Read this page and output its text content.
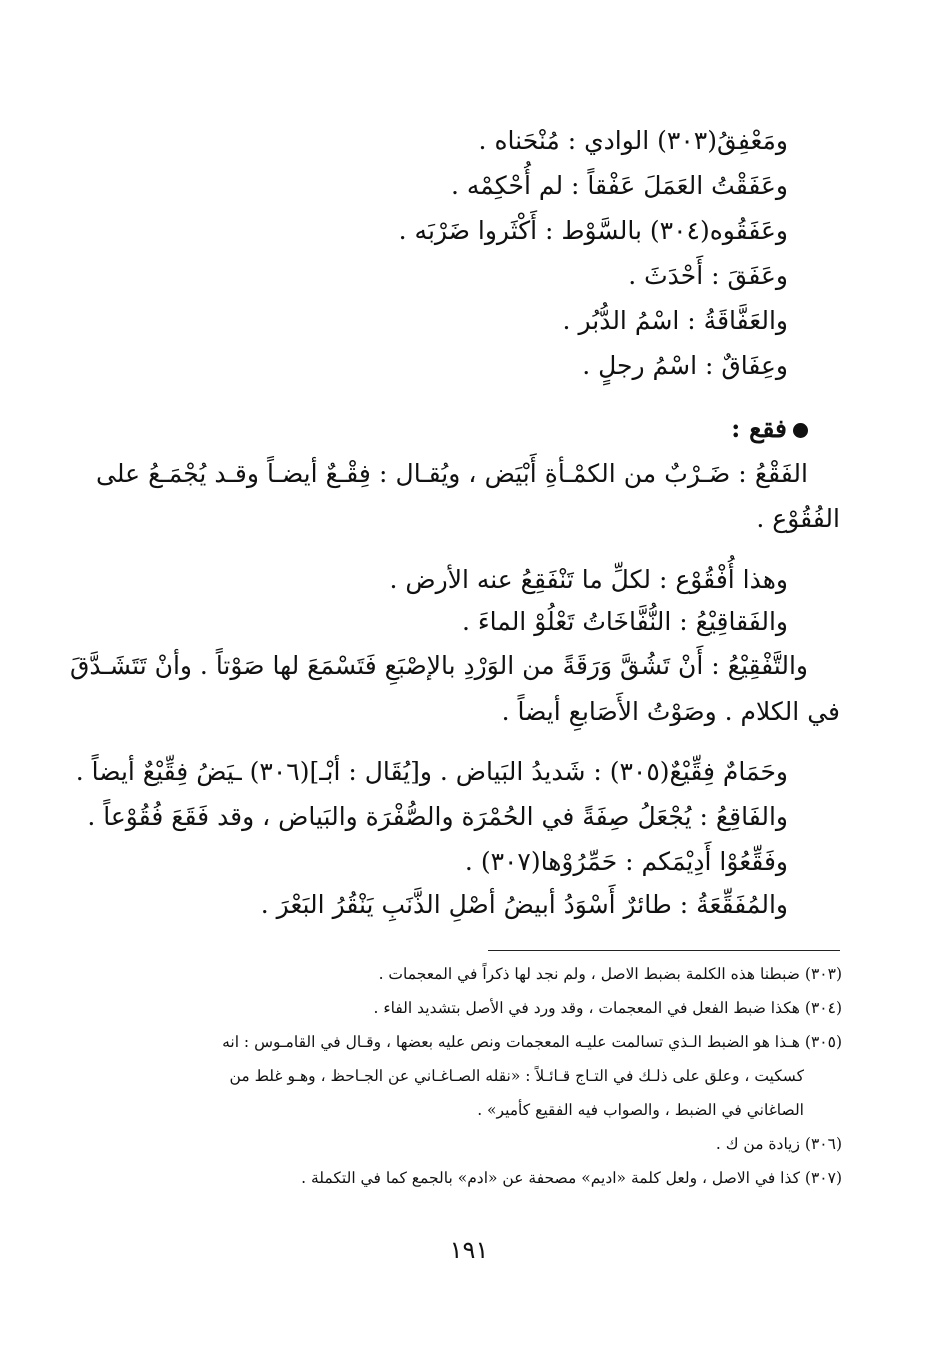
ومَعْفِقُ(٣٠٣) الوادي : مُنْحَناه .
وعَفَقْتُ العَمَلَ عَفْقاً : لم أُحْكِمْه .
وعَفَقُوه(٣٠٤) بالسَّوْط : أَكْثَروا ضَرْبَه .
وعَفَقَ : أَحْدَثَ .
والعَفَّاقَةُ : اسْمُ الدُّبُر .
وعِفَاقٌ : اسْمُ رجلٍ .
فقع :
الفَقْعُ : ضَـرْبٌ من الكمْـأةِ أَبْيَض ، ويُقـال : فِقْـعٌ أيضـاً وقـد يُجْمَـعُ على
الفُقُوْع .
وهذا أُفْقُوْع : لكلِّ ما تَنْفَقِعُ عنه الأرض .
والفَقاقِيْعُ : النُّفَّاخَاتُ تَعْلُوْ الماءَ .
والتَّفْقِيْعُ : أَنْ تَشُقَّ وَرَقَةً من الوَرْدِ بالإصْبَعِ فَتَسْمَعَ لها صَوْتاً . وأنْ تَتَشَـدَّقَ
في الكلام . وصَوْتُ الأَصَابعِ أيضاً .
وحَمَامٌ فِقِّيْعٌ(٣٠٥) : شَديدُ البَياض . و[يُقَال : أبْـ](٣٠٦) ـيَضُ فِقِّيْعٌ أيضاً .
والفَاقِعُ : يُجْعَلُ صِفَةً في الحُمْرَة والصُّفْرَة والبَياض ، وقد فَقَعَ فُقُوْعاً .
وفَقِّعُوْا أَدِيْمَكم : حَمِّرُوْها(٣٠٧) .
والمُفَقِّعَةُ : طائرٌ أَسْوَدُ أبيضُ أصْلِ الذَّنَبِ يَنْقُرُ البَعْرَ .
(٣٠٣) ضبطنا هذه الكلمة بضبط الاصل ، ولم نجد لها ذكراً في المعجمات .
(٣٠٤) هكذا ضبط الفعل في المعجمات ، وقد ورد في الأصل بتشديد الفاء .
(٣٠٥) هـذا هو الضبط الـذي تسالمت عليـه المعجمات ونص عليه بعضها ، وقـال في القامـوس : انه
كسكيت ، وعلق على ذلـك في التـاج قـائـلاً : «نقله الصـاغـاني عن الجـاحظ ، وهـو غلط من
الصاغاني في الضبط ، والصواب فيه الفقيع كأمير» .
(٣٠٦) زيادة من ك .
(٣٠٧) كذا في الاصل ، ولعل كلمة «اديم» مصحفة عن «ادم» بالجمع كما في التكملة .
١٩١
